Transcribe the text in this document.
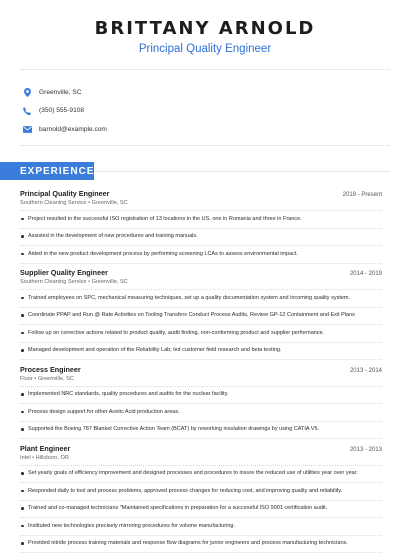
BRITTANY ARNOLD
Principal Quality Engineer
Greenville, SC
(350) 555-9108
barnold@example.com
EXPERIENCE
Principal Quality Engineer	2019 - Present
Southern Cleaning Service • Greenville, SC
Project resulted in the successful ISO registration of 13 locations in the US, one in Romania and three in France.
Assisted in the development of new procedures and training manuals.
Aided in the new product development process by performing screening LCAs to assess environmental impact.
Supplier Quality Engineer	2014 - 2019
Southern Cleaning Service • Greenville, SC
Trained employees on SPC, mechanical measuring techniques, set up a quality documentation system and incoming quality system.
Coordinate PPAP and Run @ Rate Activities on Tooling Transfers Conduct Process Audits, Review GP-12 Containment and Exit Plans
Follow up on corrective actions related to product quality, audit finding, non-conforming product and supplier performance.
Managed development and operation of the Reliability Lab; led customer field research and beta testing.
Process Engineer	2013 - 2014
Fluor • Greenville, SC
Implemented NRC standards, quality procedures and audits for the nuclear facility.
Process design support for other Acetic Acid production areas.
Supported the Boeing 787 Blanket Corrective Action Team (BCAT) by reworking insulation drawings by using CATIA V5.
Plant Engineer	2013 - 2013
Intel • Hillsboro, OR
Set yearly goals of efficiency improvement and designed processes and procedures to insure the reduced use of utilities year over year.
Responded daily to tool and process problems, approved process changes for reducing cost, and improving quality and reliability.
Trained and co-managed technicians "Maintained specifications in preparation for a successful ISO 9001 certification audit.
Instituted new technologies precisely mirroring procedures for volume manufacturing.
Provided nitride process training materials and response flow diagrams for junior engineers and process manufacturing technicians.
